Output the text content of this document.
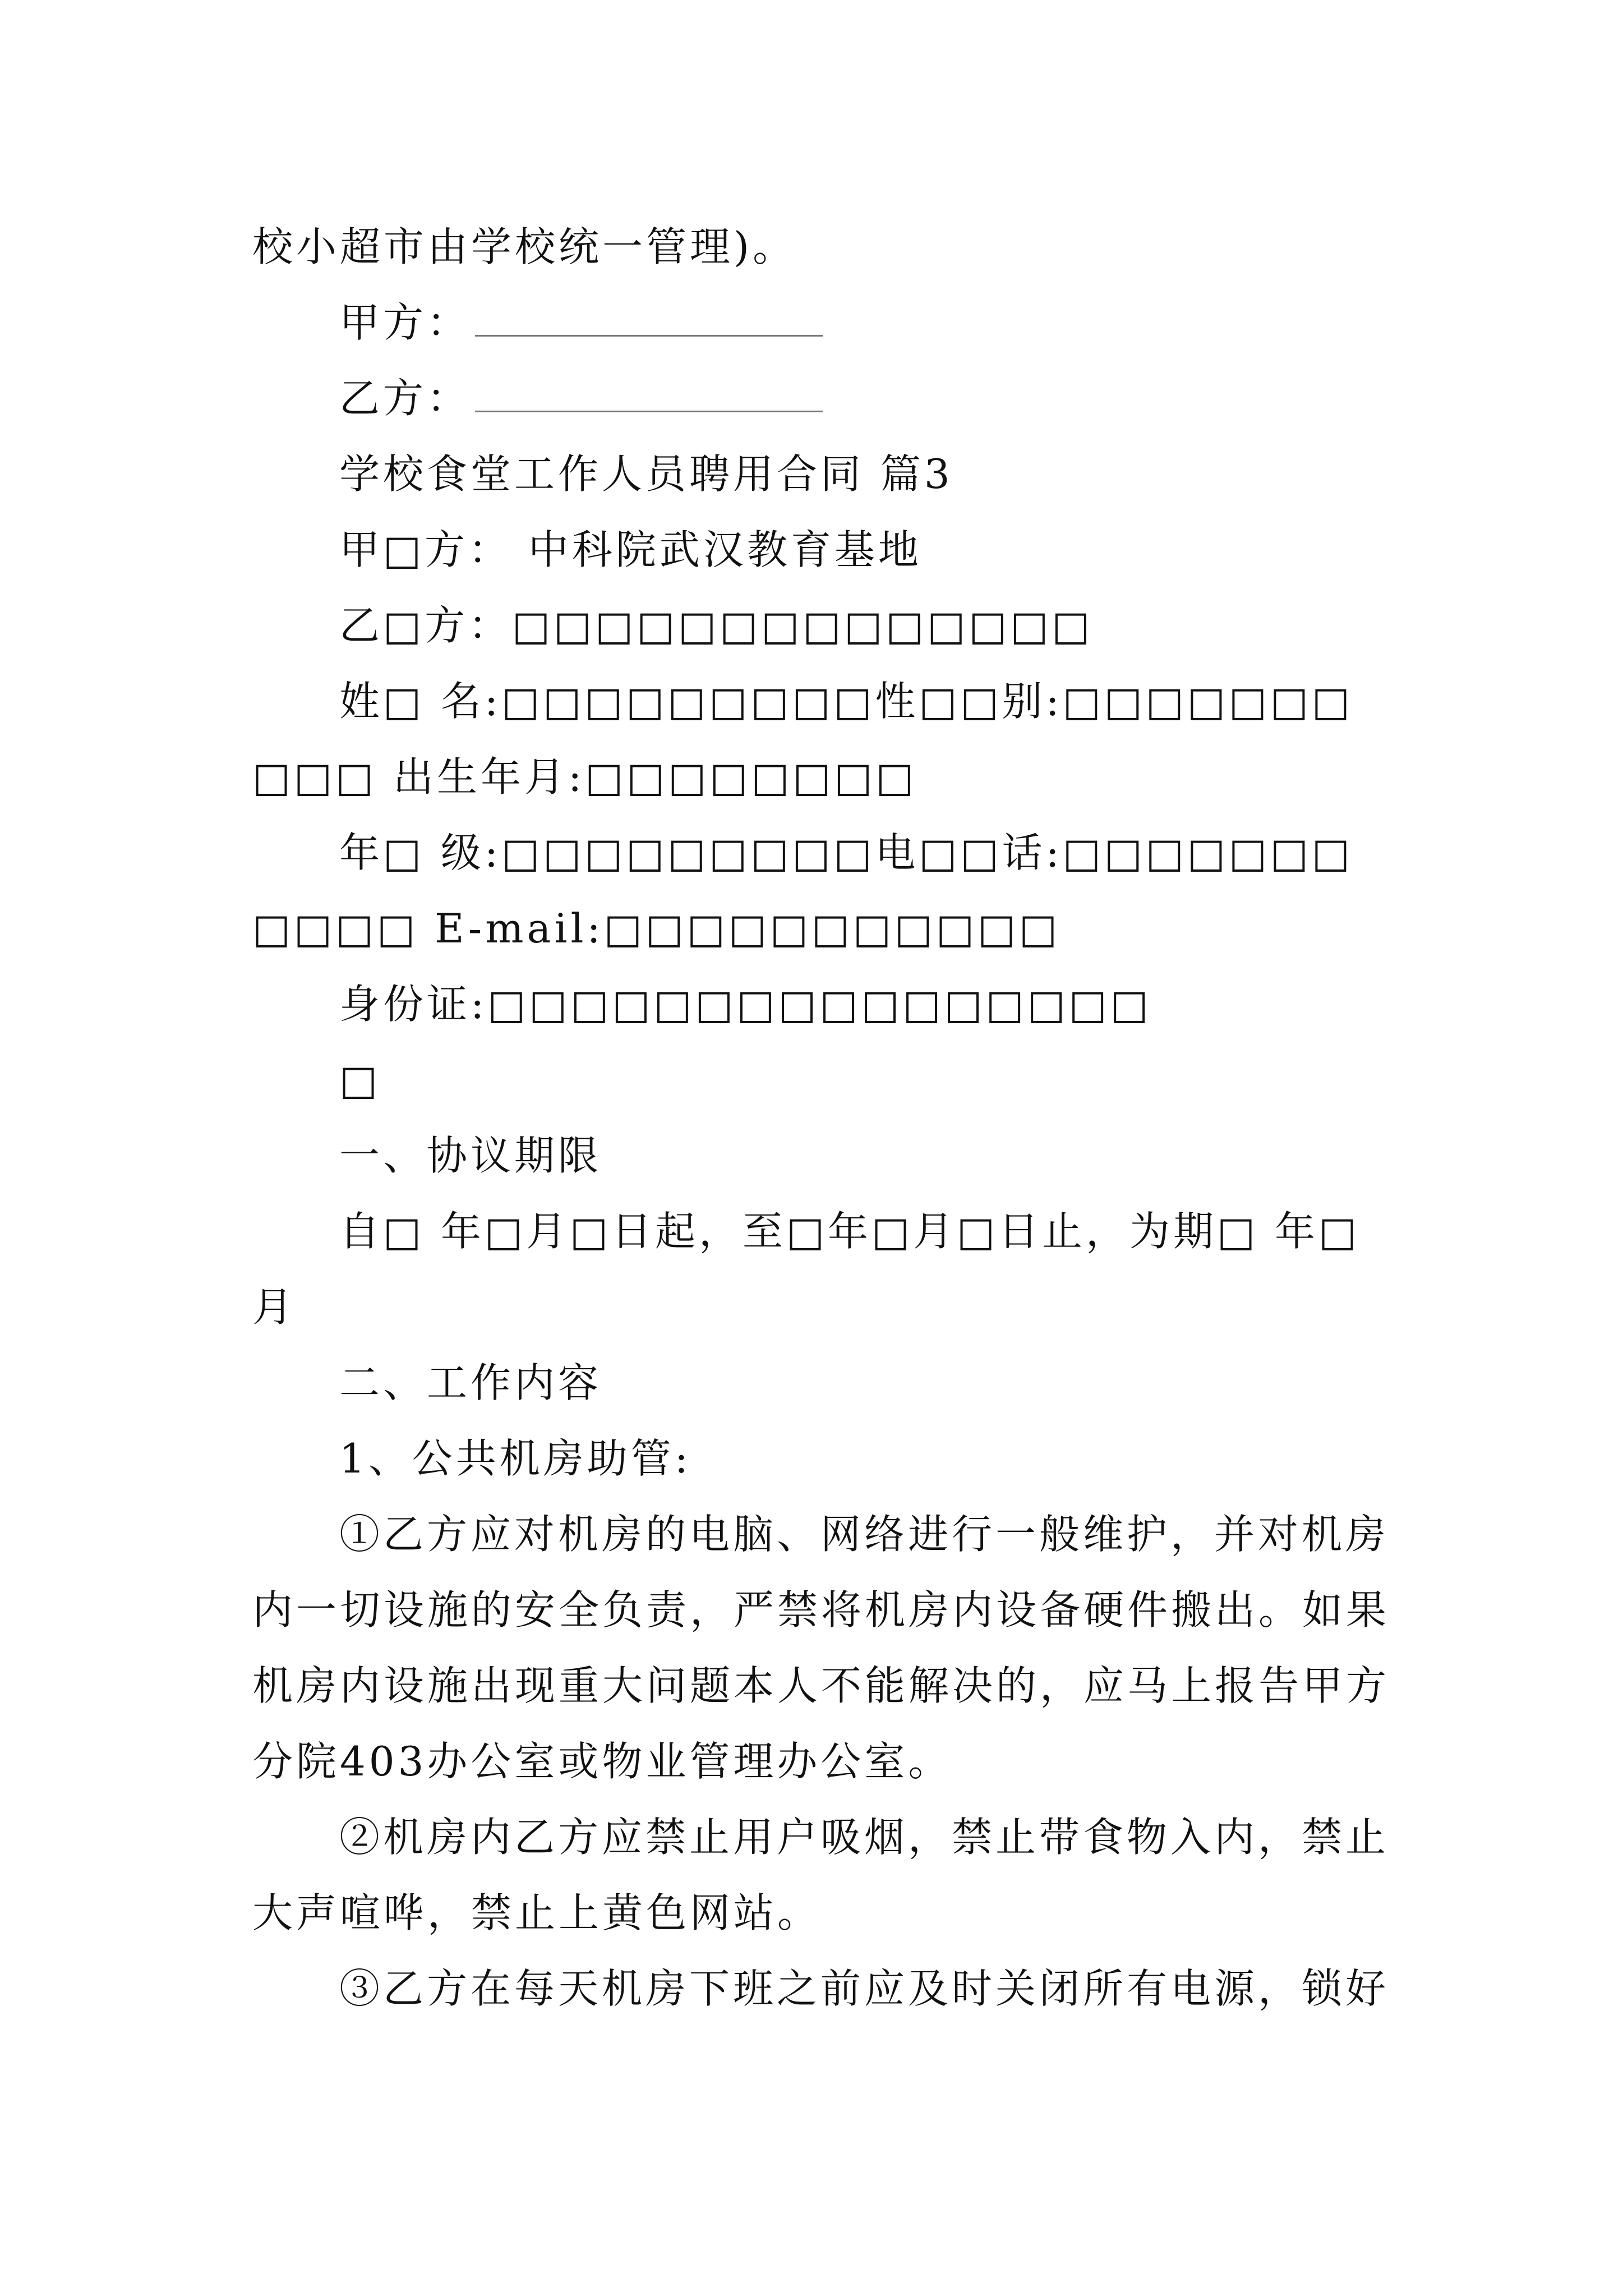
校小超市由学校统一管理)。
甲方：
乙方：
学校食堂工作人员聘用合同 篇3
甲□方： 中科院武汉教育基地
乙□方：□□□□□□□□□□□□□□
姓□ 名:□□□□□□□□□性□□别:□□□□□□□
□□□ 出生年月:□□□□□□□□
年□ 级:□□□□□□□□□电□□话:□□□□□□□
□□□□ E-mail:□□□□□□□□□□□
身份证:□□□□□□□□□□□□□□□□
□
一、协议期限
自□ 年□月□日起，至□年□月□日止，为期□ 年□
月
二、工作内容
1、公共机房助管:
①乙方应对机房的电脑、网络进行一般维护，并对机房
内一切设施的安全负责，严禁将机房内设备硬件搬出。如果
机房内设施出现重大问题本人不能解决的，应马上报告甲方
分院403办公室或物业管理办公室。
②机房内乙方应禁止用户吸烟，禁止带食物入内，禁止
大声喧哗，禁止上黄色网站。
③乙方在每天机房下班之前应及时关闭所有电源，锁好
